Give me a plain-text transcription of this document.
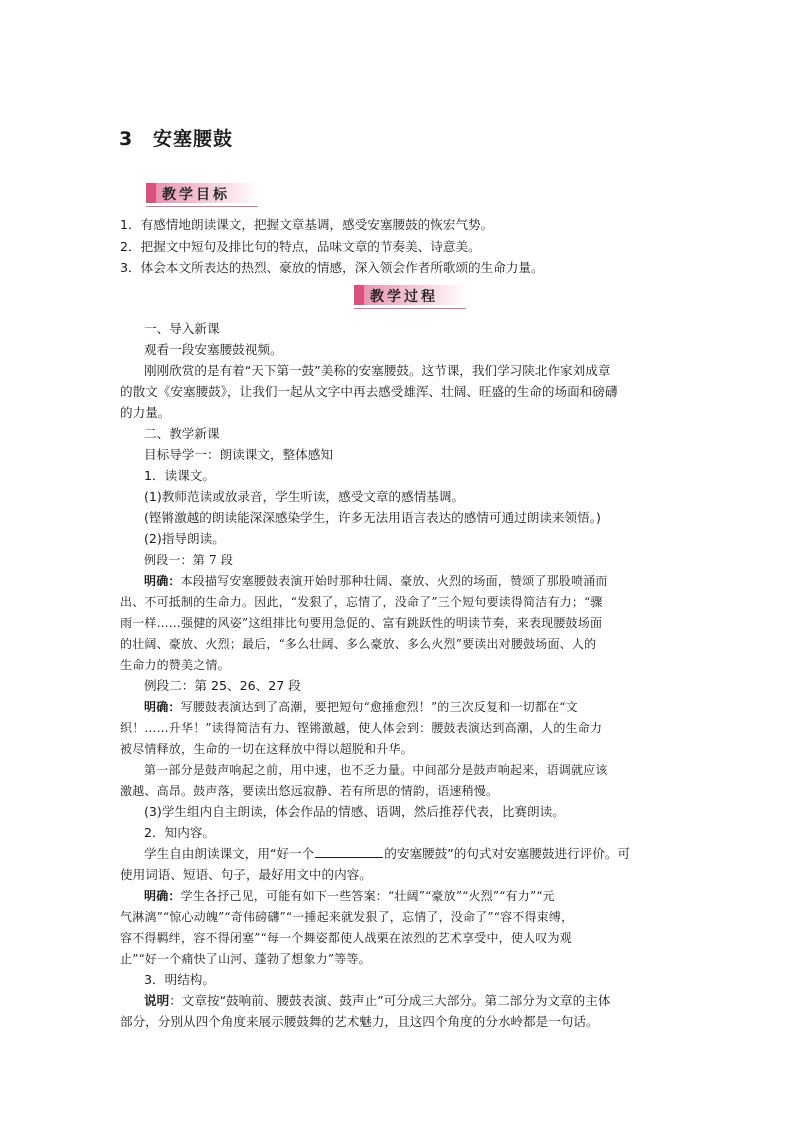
3 安塞腰鼓
教学目标
1．有感情地朗读课文，把握文章基调，感受安塞腰鼓的恢宏气势。
2．把握文中短句及排比句的特点，品味文章的节奏美、诗意美。
3．体会本文所表达的热烈、豪放的情感，深入领会作者所歌颂的生命力量。
教学过程
一、导入新课
观看一段安塞腰鼓视频。
刚刚欣赏的是有着“天下第一鼓”美称的安塞腰鼓。这节课，我们学习陕北作家刘成章
的散文《安塞腰鼓》，让我们一起从文字中再去感受雄浑、壮阔、旺盛的生命的场面和磅礴
的力量。
二、教学新课
目标导学一：朗读课文，整体感知
1．读课文。
(1)教师范读或放录音，学生听读，感受文章的感情基调。
(铿锵激越的朗读能深深感染学生，许多无法用语言表达的感情可通过朗读来领悟。)
(2)指导朗读。
例段一：第 7 段
明确：本段描写安塞腰鼓表演开始时那种壮阔、豪放、火烈的场面，赞颂了那股喷涌而
出、不可抵制的生命力。因此，“发狠了，忘情了，没命了”三个短句要读得简洁有力；“骤
雨一样……强健的风姿”这组排比句要用急促的、富有跳跃性的明读节奏，来表现腰鼓场面
的壮阔、豪放、火烈；最后，“多么壮阔、多么豪放、多么火烈”要读出对腰鼓场面、人的
生命力的赞美之情。
例段二：第 25、26、27 段
明确：写腰鼓表演达到了高潮，要把短句“愈捶愈烈！”的三次反复和一切都在“文
织！……升华！”读得简洁有力、铿锵激越，使人体会到：腰鼓表演达到高潮，人的生命力
被尽情释放，生命的一切在这释放中得以超脱和升华。
第一部分是鼓声响起之前，用中速，也不乏力量。中间部分是鼓声响起来，语调就应该
激越、高昂。鼓声落，要读出悠远寂静、若有所思的情韵，语速稍慢。
(3)学生组内自主朗读，体会作品的情感、语调，然后推荐代表，比赛朗读。
2．知内容。
学生自由朗读课文，用“好一个	的安塞腰鼓”的句式对安塞腰鼓进行评价。可
使用词语、短语、句子，最好用文中的内容。
明确：学生各抒己见，可能有如下一些答案：“壮阔”“豪放”“火烈”“有力”“元
气淋漓”“惊心动魄”“奇伟磅礴”“一捶起来就发狠了，忘情了，没命了”“容不得束缚，
容不得羁绊，容不得闭塞”“每一个舞姿都使人战栗在浓烈的艺术享受中，使人叹为观
止”“好一个痛快了山河、蓬勃了想象力”等等。
3．明结构。
说明：文章按“鼓响前、腰鼓表演、鼓声止”可分成三大部分。第二部分为文章的主体
部分，分别从四个角度来展示腰鼓舞的艺术魅力，且这四个角度的分水岭都是一句话。
